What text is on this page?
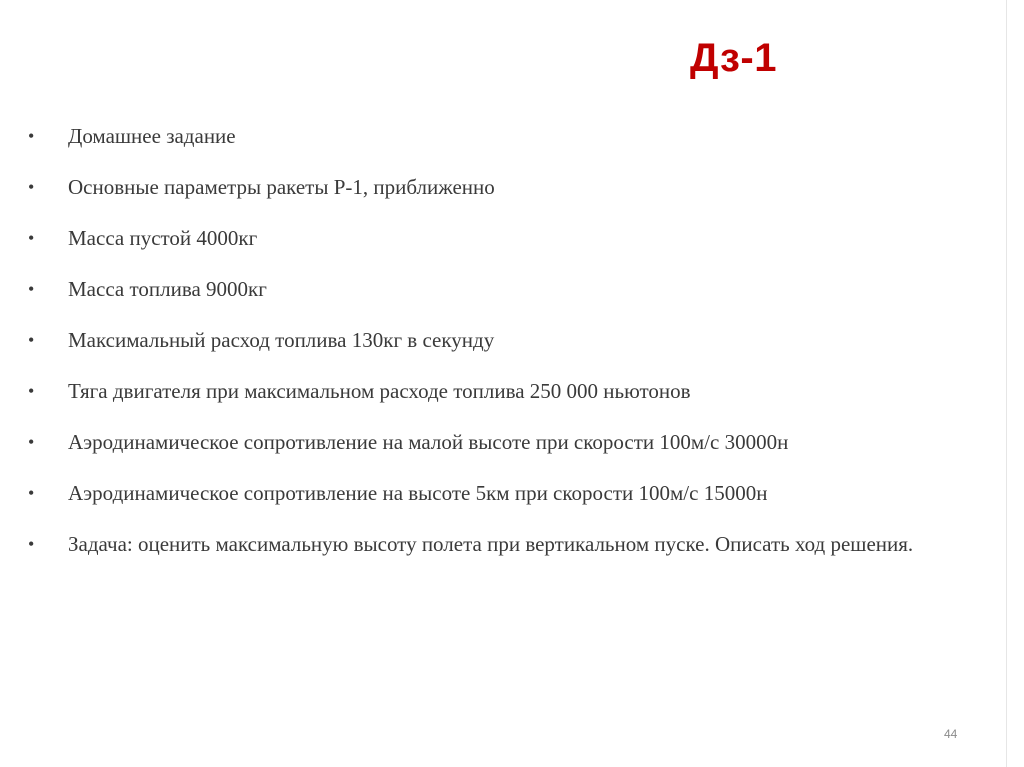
Дз-1
• Домашнее задание
• Основные параметры ракеты Р-1, приближенно
• Масса пустой 4000кг
• Масса топлива 9000кг
• Максимальный расход топлива 130кг в секунду
• Тяга двигателя при максимальном расходе топлива 250 000 ньютонов
• Аэродинамическое сопротивление на малой высоте при скорости 100м/с 30000н
• Аэродинамическое сопротивление на высоте 5км при скорости 100м/с 15000н
• Задача: оценить максимальную высоту полета при вертикальном пуске. Описать ход решения.
44
